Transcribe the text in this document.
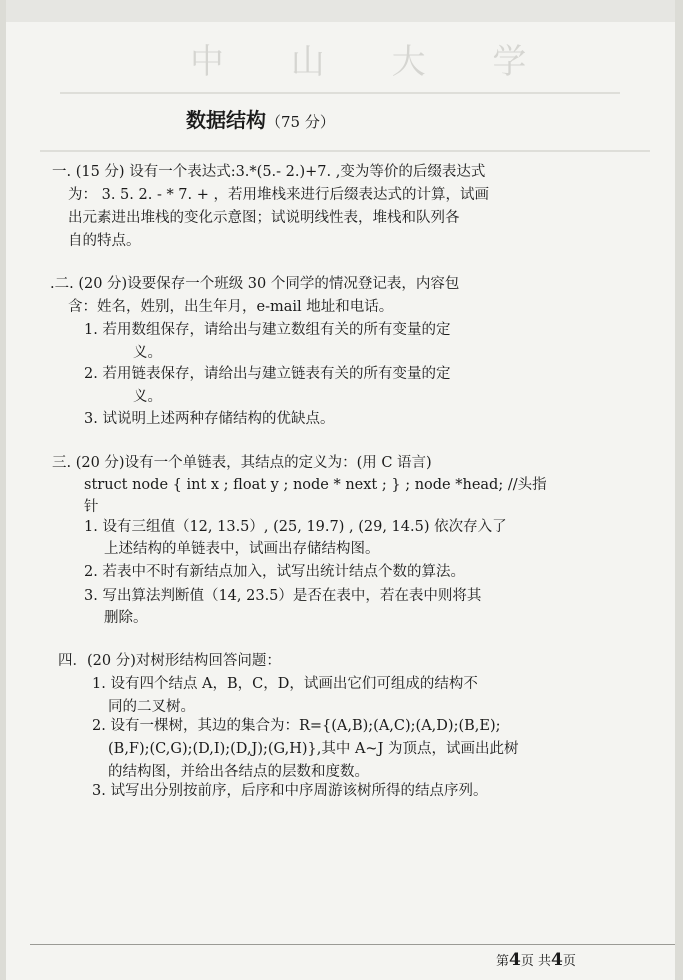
中 山 大 学
数据结构（75 分）
一. (15 分) 设有一个表达式:3.*(5.- 2.)+7. ,变为等价的后缀表达式
为： 3. 5. 2. - * 7. + ，若用堆栈来进行后缀表达式的计算，试画
出元素进出堆栈的变化示意图；试说明线性表，堆栈和队列各
自的特点。
.二. (20 分)设要保存一个班级 30 个同学的情况登记表，内容包
含：姓名，姓别，出生年月，e-mail 地址和电话。
1. 若用数组保存，请给出与建立数组有关的所有变量的定
义。
2. 若用链表保存，请给出与建立链表有关的所有变量的定
义。
3. 试说明上述两种存储结构的优缺点。
三. (20 分)设有一个单链表，其结点的定义为：(用 C 语言)
struct node { int x ; float y ; node * next ; } ; node *head; //头指
针
1. 设有三组值（12, 13.5）, (25, 19.7) , (29, 14.5) 依次存入了
上述结构的单链表中，试画出存储结构图。
2. 若表中不时有新结点加入，试写出统计结点个数的算法。
3. 写出算法判断值（14, 23.5）是否在表中，若在表中则将其
删除。
四．(20 分)对树形结构回答问题：
1. 设有四个结点 A，B，C，D，试画出它们可组成的结构不
同的二叉树。
2. 设有一棵树，其边的集合为：R={(A,B);(A,C);(A,D);(B,E);
(B,F);(C,G);(D,I);(D,J);(G,H)},其中 A~J 为顶点，试画出此树
的结构图，并给出各结点的层数和度数。
3. 试写出分别按前序，后序和中序周游该树所得的结点序列。
第4页 共4页
